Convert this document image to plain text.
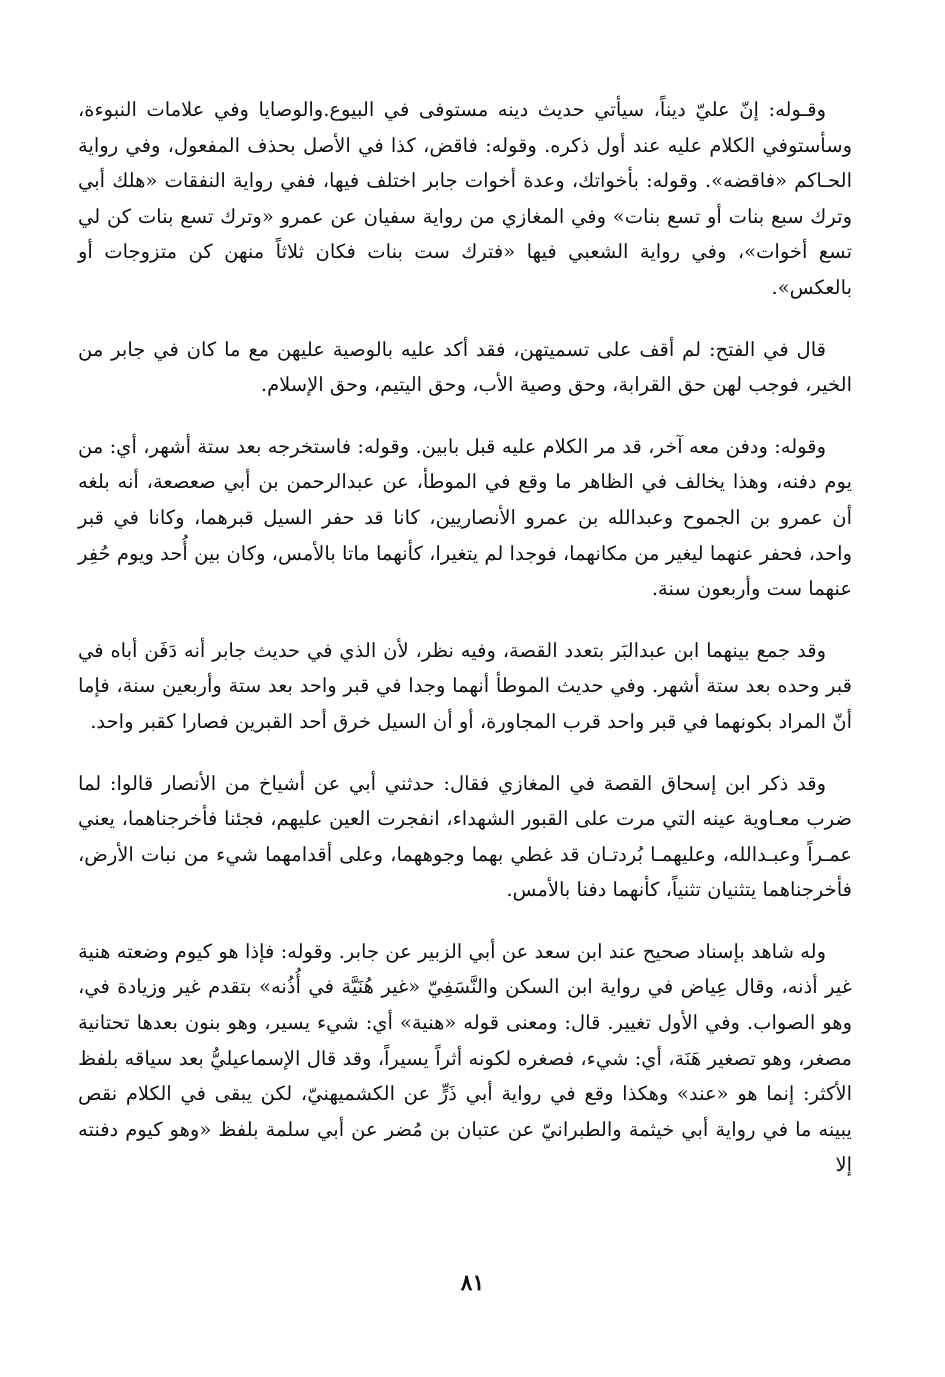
وقـوله: إنّ عليّ ديناً، سيأتي حديث دينه مستوفى في البيوع.والوصايا وفي علامات النبوءة، وسأستوفي الكلام عليه عند أول ذكره. وقوله: فاقض، كذا في الأصل بحذف المفعول، وفي رواية الحـاكم «فاقضه». وقوله: بأخواتك، وعدة أخوات جابر اختلف فيها، ففي رواية النفقات «هلك أبي وترك سبع بنات أو تسع بنات» وفي المغازي من رواية سفيان عن عمرو «وترك تسع بنات كن لي تسع أخوات»، وفي رواية الشعبي فيها «فترك ست بنات فكان ثلاثاً منهن كن متزوجات أو بالعكس».

قال في الفتح: لم أقف على تسميتهن، فقد أكد عليه بالوصية عليهن مع ما كان في جابر من الخير، فوجب لهن حق القرابة، وحق وصية الأب، وحق اليتيم، وحق الإسلام.

وقوله: ودفن معه آخر، قد مر الكلام عليه قبل بابين. وقوله: فاستخرجه بعد ستة أشهر، أي: من يوم دفنه، وهذا يخالف في الظاهر ما وقع في الموطأ، عن عبدالرحمن بن أبي صعصعة، أنه بلغه أن عمرو بن الجموح وعبدالله بن عمرو الأنصاريين، كانا قد حفر السيل قبرهما، وكانا في قبر واحد، فحفر عنهما ليغير من مكانهما، فوجدا لم يتغيرا، كأنهما ماتا بالأمس، وكان بين أُحد ويوم حُفِر عنهما ست وأربعون سنة.

وقد جمع بينهما ابن عبدالبَر بتعدد القصة، وفيه نظر، لأن الذي في حديث جابر أنه دَفَن أباه في قبر وحده بعد ستة أشهر. وفي حديث الموطأ أنهما وجدا في قبر واحد بعد ستة وأربعين سنة، فإما أنّ المراد بكونهما في قبر واحد قرب المجاورة، أو أن السيل خرق أحد القبرين فصارا كقبر واحد.

وقد ذكر ابن إسحاق القصة في المغازي فقال: حدثني أبي عن أشياخ من الأنصار قالوا: لما ضرب معـاوية عينه التي مرت على القبور الشهداء، انفجرت العين عليهم، فجئنا فأخرجناهما، يعني عمـراً وعبـدالله، وعليهمـا بُردتـان قد غطي بهما وجوههما، وعلى أقدامهما شيء من نبات الأرض، فأخرجناهما يتثنيان تثنياً، كأنهما دفنا بالأمس.

وله شاهد بإسناد صحيح عند ابن سعد عن أبي الزبير عن جابر. وقوله: فإذا هو كيوم وضعته هنية غير أذنه، وقال عِياض في رواية ابن السكن والنَّسَفِيّ «غير هُنَيَّة في أُذُنه» بتقدم غير وزيادة في، وهو الصواب. وفي الأول تغيير. قال: ومعنى قوله «هنية» أي: شيء يسير، وهو بنون بعدها تحتانية مصغر، وهو تصغير هَنَة، أي: شيء، فصغره لكونه أثراً يسيراً، وقد قال الإسماعيليُّ بعد سياقه بلفظ الأكثر: إنما هو «عند» وهكذا وقع في رواية أبي ذَرٍّ عن الكشميهنيّ، لكن يبقى في الكلام نقص يبينه ما في رواية أبي خيثمة والطبرانيّ عن عتبان بن مُضر عن أبي سلمة بلفظ «وهو كيوم دفنته إلا

٨١
